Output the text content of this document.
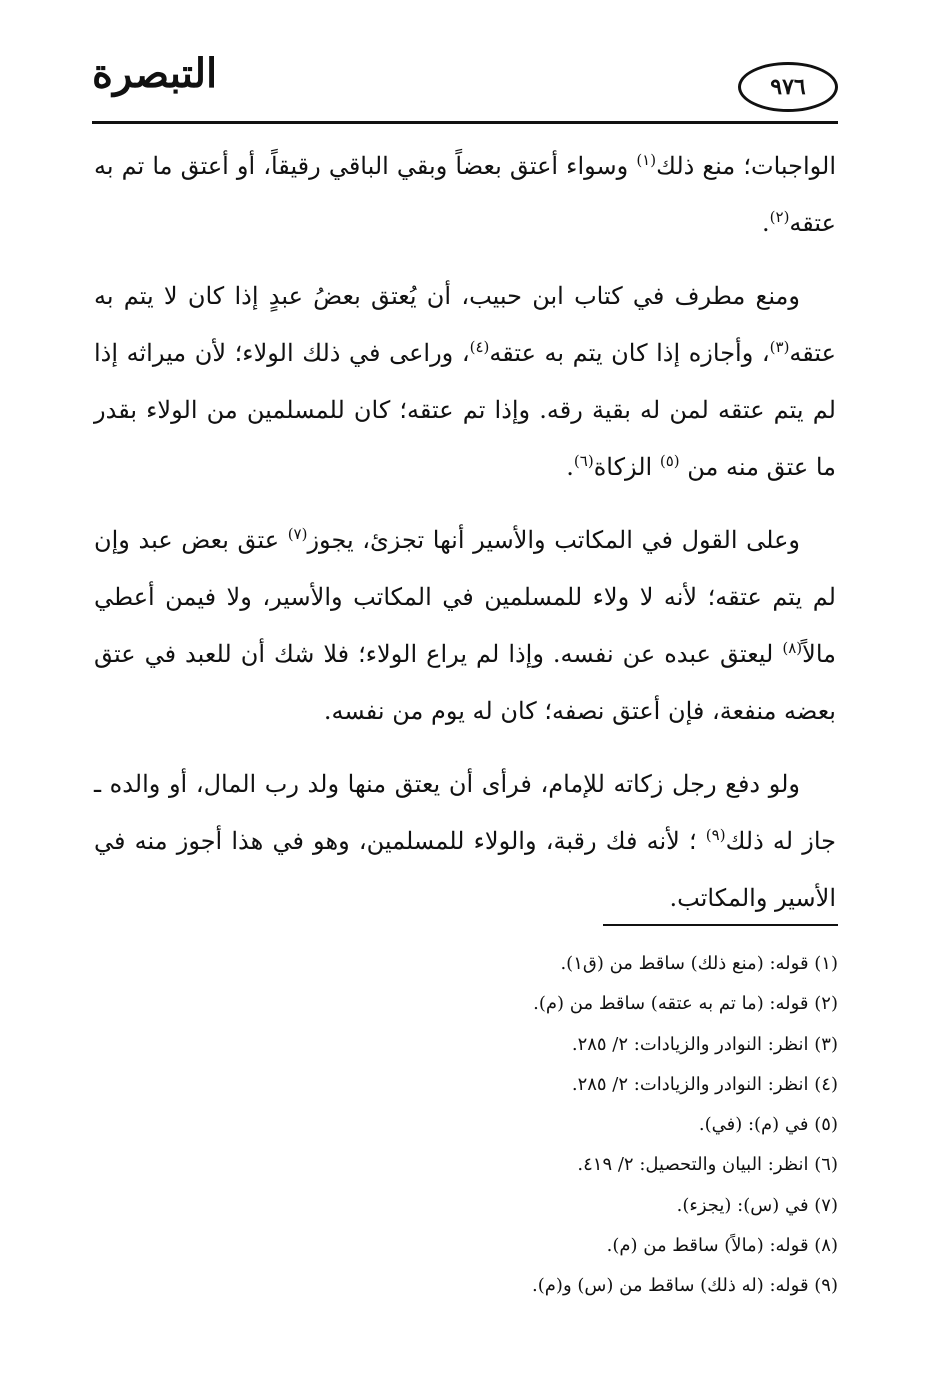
٩٧٦
التبصرة

الواجبات؛ منع ذلك$^{(١)}$ وسواء أعتق بعضاً وبقي الباقي رقيقاً، أو أعتق ما تم به عتقه$^{(٢)}$.

ومنع مطرف في كتاب ابن حبيب، أن يُعتق بعضُ عبدٍ إذا كان لا يتم به عتقه$^{(٣)}$، وأجازه إذا كان يتم به عتقه$^{(٤)}$، وراعى في ذلك الولاء؛ لأن ميراثه إذا لم يتم عتقه لمن له بقية رقه. وإذا تم عتقه؛ كان للمسلمين من الولاء بقدر ما عتق منه من $^{(٥)}$ الزكاة$^{(٦)}$.

وعلى القول في المكاتب والأسير أنها تجزئ، يجوز$^{(٧)}$ عتق بعض عبد وإن لم يتم عتقه؛ لأنه لا ولاء للمسلمين في المكاتب والأسير، ولا فيمن أعطي مالاً$^{(٨)}$ ليعتق عبده عن نفسه. وإذا لم يراع الولاء؛ فلا شك أن للعبد في عتق بعضه منفعة، فإن أعتق نصفه؛ كان له يوم من نفسه.

ولو دفع رجل زكاته للإمام، فرأى أن يعتق منها ولد رب المال، أو والده ـ جاز له ذلك$^{(٩)}$ ؛ لأنه فك رقبة، والولاء للمسلمين، وهو في هذا أجوز منه في الأسير والمكاتب.

(١) قوله: (منع ذلك) ساقط من (ق١).
(٢) قوله: (ما تم به عتقه) ساقط من (م).
(٣) انظر: النوادر والزيادات: ٢/ ٢٨٥.
(٤) انظر: النوادر والزيادات: ٢/ ٢٨٥.
(٥) في (م): (في).
(٦) انظر: البيان والتحصيل: ٢/ ٤١٩.
(٧) في (س): (يجزء).
(٨) قوله: (مالاً) ساقط من (م).
(٩) قوله: (له ذلك) ساقط من (س) و(م).
